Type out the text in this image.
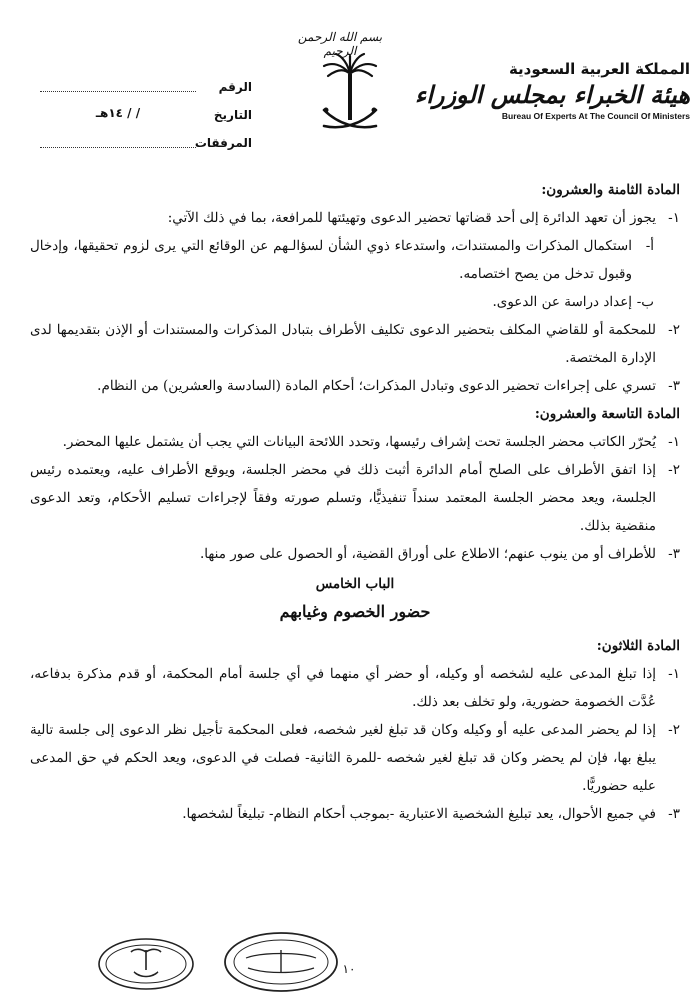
بسم الله الرحمن الرحيم
المملكة العربية السعودية
هيئة الخبراء بمجلس الوزراء
Bureau Of Experts At The Council Of Ministers
الرقم
التاريخ
/ / ١٤هـ
المرفقات
المادة الثامنة والعشرون:
١-
يجوز أن تعهد الدائرة إلى أحد قضاتها تحضير الدعوى وتهيئتها للمرافعة، بما في ذلك الآتي:
أ-
استكمال المذكرات والمستندات، واستدعاء ذوي الشأن لسؤالـهم عن الوقائع التي يرى لزوم تحقيقها، وإدخال وقبول تدخل من يصح اختصامه.
ب-
إعداد دراسة عن الدعوى.
٢-
للمحكمة أو للقاضي المكلف بتحضير الدعوى تكليف الأطراف بتبادل المذكرات والمستندات أو الإذن بتقديمها لدى الإدارة المختصة.
٣-
تسري على إجراءات تحضير الدعوى وتبادل المذكرات؛ أحكام المادة (السادسة والعشرين) من النظام.
المادة التاسعة والعشرون:
١-
يُحرّر الكاتب محضر الجلسة تحت إشراف رئيسها، وتحدد اللائحة البيانات التي يجب أن يشتمل عليها المحضر.
٢-
إذا اتفق الأطراف على الصلح أمام الدائرة أثبت ذلك في محضر الجلسة، ويوقع الأطراف عليه، ويعتمده رئيس الجلسة، ويعد محضر الجلسة المعتمد سنداً تنفيذيًّا، وتسلم صورته وفقاً لإجراءات تسليم الأحكام، وتعد الدعوى منقضية بذلك.
٣-
للأطراف أو من ينوب عنهم؛ الاطلاع على أوراق القضية، أو الحصول على صور منها.
الباب الخامس
حضور الخصوم وغيابهم
المادة الثلاثون:
١-
إذا تبلغ المدعى عليه لشخصه أو وكيله، أو حضر أي منهما في أي جلسة أمام المحكمة، أو قدم مذكرة بدفاعه، عُدَّت الخصومة حضورية، ولو تخلف بعد ذلك.
٢-
إذا لم يحضر المدعى عليه أو وكيله وكان قد تبلغ لغير شخصه، فعلى المحكمة تأجيل نظر الدعوى إلى جلسة تالية يبلغ بها، فإن لم يحضر وكان قد تبلغ لغير شخصه -للمرة الثانية- فصلت في الدعوى، ويعد الحكم في حق المدعى عليه حضوريًّا.
٣-
في جميع الأحوال، يعد تبليغ الشخصية الاعتبارية -بموجب أحكام النظام- تبليغاً لشخصها.
١٠
